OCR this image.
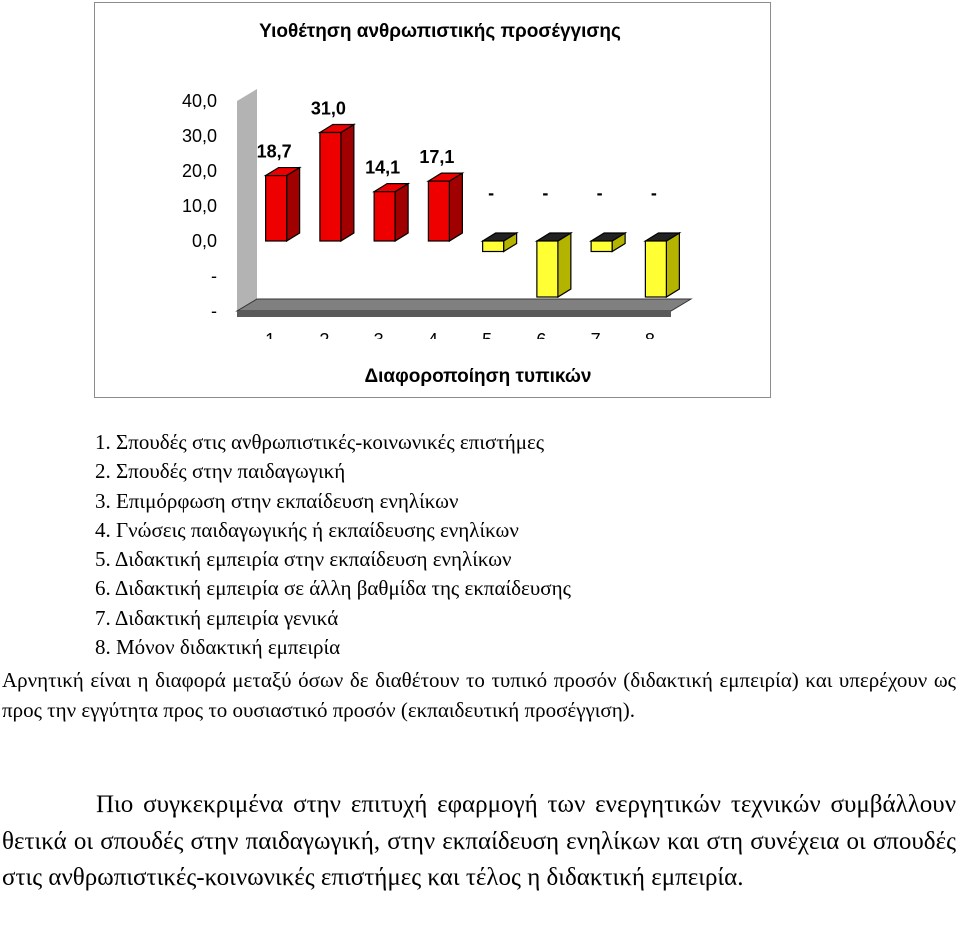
Υιοθέτηση ανθρωπιστικής προσέγγισης
40,0
30,0
20,0
10,0
0,0
-
-
18,7
31,0
14,1
17,1
-	-	-	-
Διαφοροποίηση τυπικών
1. Σπουδές στις ανθρωπιστικές-κοινωνικές επιστήμες
2. Σπουδές στην παιδαγωγική
3. Επιμόρφωση στην εκπαίδευση ενηλίκων
4. Γνώσεις παιδαγωγικής ή εκπαίδευσης ενηλίκων
5. Διδακτική εμπειρία στην εκπαίδευση ενηλίκων
6. Διδακτική εμπειρία σε άλλη βαθμίδα της εκπαίδευσης
7. Διδακτική εμπειρία γενικά
8. Μόνον διδακτική εμπειρία

Αρνητική είναι η διαφορά μεταξύ όσων δε διαθέτουν το τυπικό προσόν (διδακτική εμπειρία) και υπερέχουν ως προς την εγγύτητα προς το ουσιαστικό προσόν (εκπαιδευτική προσέγγιση).

Πιο συγκεκριμένα στην επιτυχή εφαρμογή των ενεργητικών τεχνικών συμβάλλουν θετικά οι σπουδές στην παιδαγωγική, στην εκπαίδευση ενηλίκων και στη συνέχεια οι σπουδές στις ανθρωπιστικές-κοινωνικές επιστήμες και τέλος η διδακτική εμπειρία.
